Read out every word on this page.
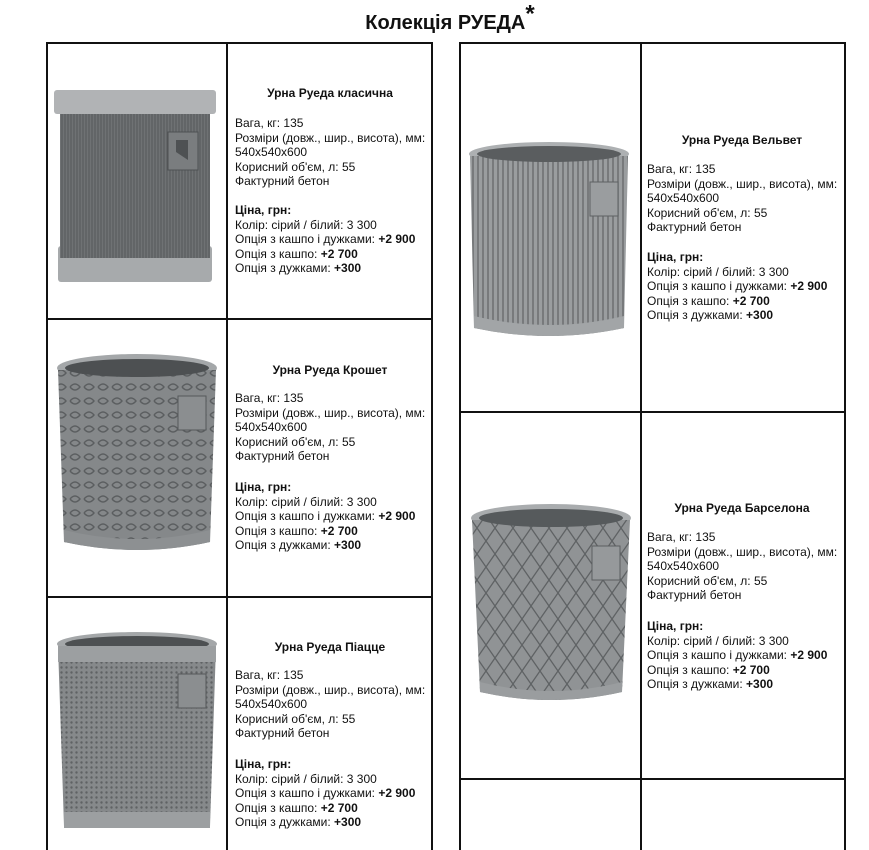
Колекція РУЕДА*
Урна Руеда класична
Вага, кг: 135
Розміри (довж., шир., висота), мм:
540х540х600
Корисний об'єм, л: 55
Фактурний бетон
Ціна, грн:
Колір: сірий / білий: 3 300
Опція з кашпо і дужками: +2 900
Опція з кашпо: +2 700
Опція з дужками: +300
Урна Руеда Крошет
Вага, кг: 135
Розміри (довж., шир., висота), мм:
540х540х600
Корисний об'єм, л: 55
Фактурний бетон
Ціна, грн:
Колір: сірий / білий: 3 300
Опція з кашпо і дужками: +2 900
Опція з кашпо: +2 700
Опція з дужками: +300
Урна Руеда Піацце
Вага, кг: 135
Розміри (довж., шир., висота), мм:
540х540х600
Корисний об'єм, л: 55
Фактурний бетон
Ціна, грн:
Колір: сірий / білий: 3 300
Опція з кашпо і дужками: +2 900
Опція з кашпо: +2 700
Опція з дужками: +300
Урна Руеда Вельвет
Вага, кг: 135
Розміри (довж., шир., висота), мм:
540х540х600
Корисний об'єм, л: 55
Фактурний бетон
Ціна, грн:
Колір: сірий / білий: 3 300
Опція з кашпо і дужками: +2 900
Опція з кашпо: +2 700
Опція з дужками: +300
Урна Руеда Барселона
Вага, кг: 135
Розміри (довж., шир., висота), мм:
540х540х600
Корисний об'єм, л: 55
Фактурний бетон
Ціна, грн:
Колір: сірий / білий: 3 300
Опція з кашпо і дужками: +2 900
Опція з кашпо: +2 700
Опція з дужками: +300
